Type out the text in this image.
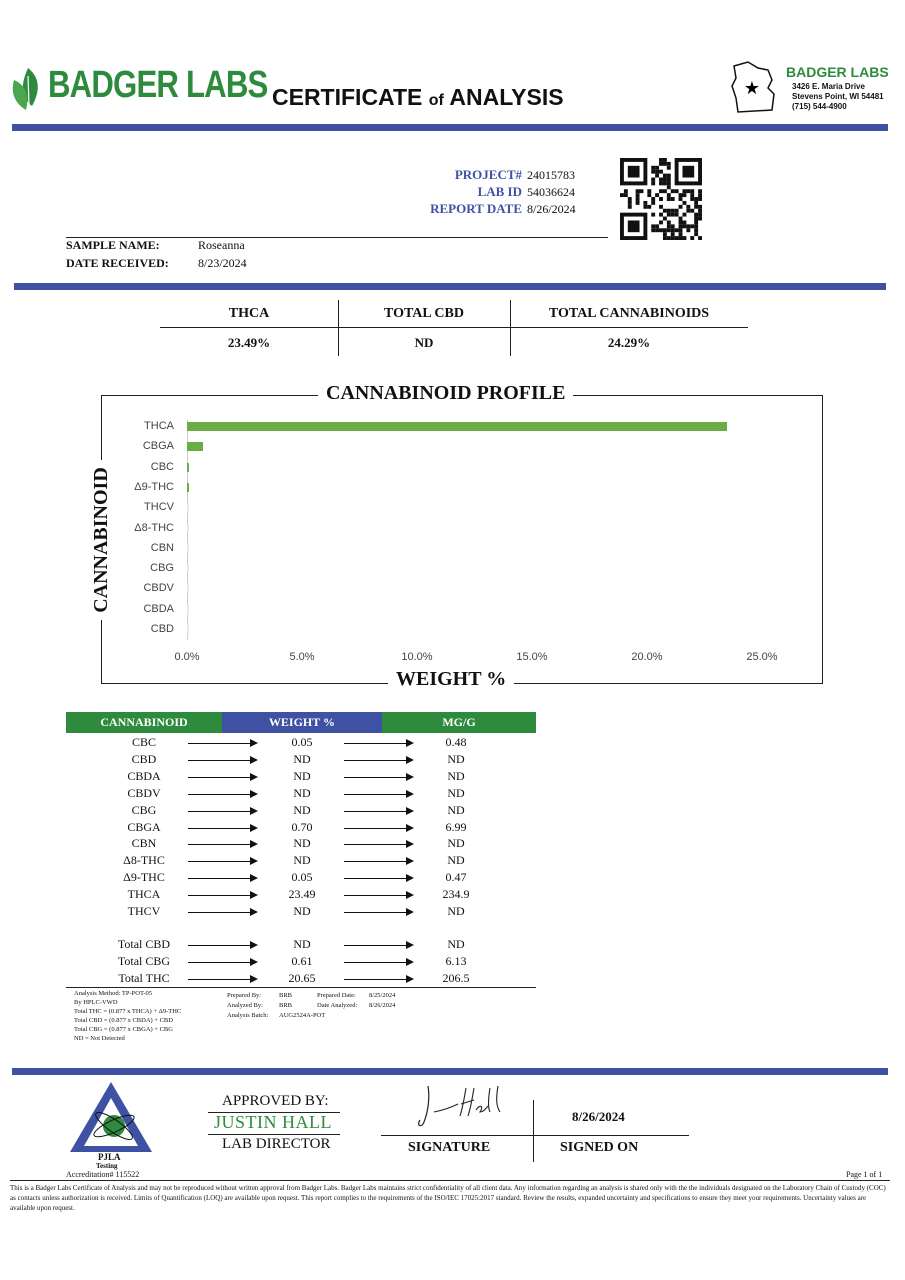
BADGER LABS CERTIFICATE of ANALYSIS	★
BADGER LABS
3426 E. Maria Drive
Stevens Point, WI 54481
(715) 544-4900
PROJECT# 24015783
LAB ID 54036624
REPORT DATE 8/26/2024
SAMPLE NAME:	Roseanna
DATE RECEIVED: 8/23/2024
THCA	TOTAL CBD	TOTAL CANNABINOIDS
23.49%	ND	24.29%
CANNABINOID PROFILE
WEIGHT %
CANNABINOID
THCA
CBGA
CBC
Δ9-THC
THCV
Δ8-THC
CBN
CBG
CBDV
CBDA
CBD
0.0%	5.0%	10.0%	15.0%	20.0%	25.0%
CANNABINOID	WEIGHT %	MG/G
CBC	0.05	0.48
CBD	ND	ND
CBDA	ND	ND
CBDV	ND	ND
CBG	ND	ND
CBGA	0.70	6.99
CBN	ND	ND
Δ8-THC	ND	ND
Δ9-THC	0.05	0.47
THCA	23.49	234.9
THCV	ND	ND
Total CBD	ND	ND
Total CBG	0.61	6.13
Total THC	20.65	206.5
Analysis Method: TP-POT-05
By HPLC-VWD
Total THC = (0.877 x THCA) + Δ9-THC
Total CBD = (0.877 x CBDA) + CBD
Total CBG = (0.877 x CBGA) + CBG
ND = Not Detected
Prepared By:	BRB	Prepared Date: 8/25/2024
Analyzed By: BRB	Date Analyzed: 8/26/2024
Analysis Batch: AUG2524A-POT
PJLA
Testing
Accreditation# 115522
APPROVED BY:
JUSTIN HALL
LAB DIRECTOR
8/26/2024
SIGNATURE	SIGNED ON
Page 1 of 1
This is a Badger Labs Certificate of Analysis and may not be reproduced without written approval from Badger Labs. Badger Labs maintains strict confidentiality of all client data. Any information regarding an analysis is shared only with the the individuals designated on the Laboratory Chain of Custody (COC) as contacts unless authorization is received. Limits of Quantification (LOQ) are available upon request. This report complies to the requirements of the ISO/IEC 17025:2017 standard. Review the results, expanded uncertainty and specifications to ensure they meet your requirements. Uncertainty values are available upon request.
